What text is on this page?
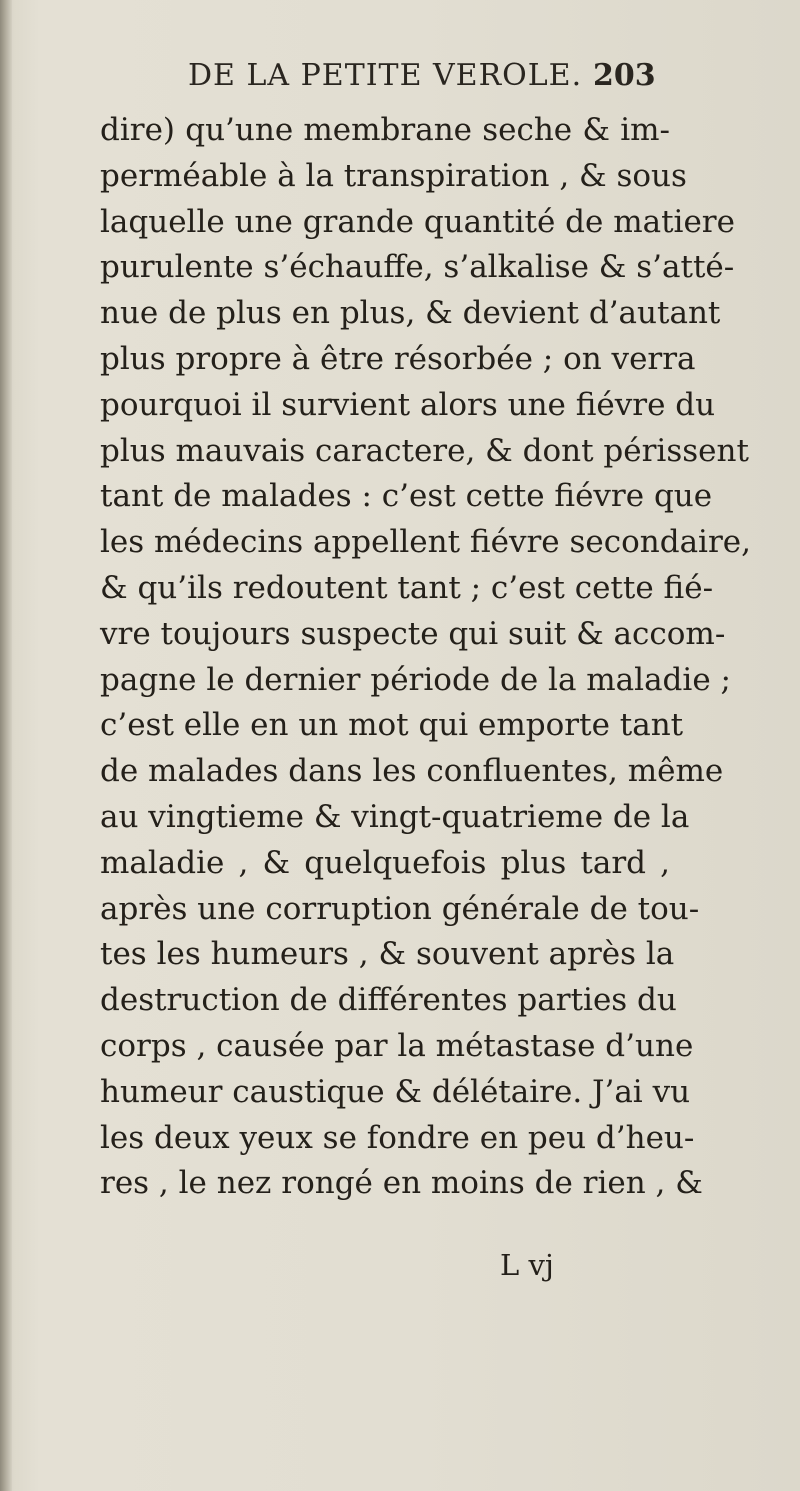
DE LA PETITE VEROLE. 203
dire) qu’une membrane seche & im-
perméable à la transpiration , & sous
laquelle une grande quantité de matiere
purulente s’échauffe, s’alkalise & s’atté-
nue de plus en plus, & devient d’autant
plus propre à être résorbée ; on verra
pourquoi il survient alors une fiévre du
plus mauvais caractere, & dont périssent
tant de malades : c’est cette fiévre que
les médecins appellent fiévre secondaire,
& qu’ils redoutent tant ; c’est cette fié-
vre toujours suspecte qui suit & accom-
pagne le dernier période de la maladie ;
c’est elle en un mot qui emporte tant
de malades dans les confluentes, même
au vingtieme & vingt-quatrieme de la
maladie , & quelquefois plus tard ,
après une corruption générale de tou-
tes les humeurs , & souvent après la
destruction de différentes parties du
corps , causée par la métastase d’une
humeur caustique & délétaire. J’ai vu
les deux yeux se fondre en peu d’heu-
res , le nez rongé en moins de rien , &
L vj
